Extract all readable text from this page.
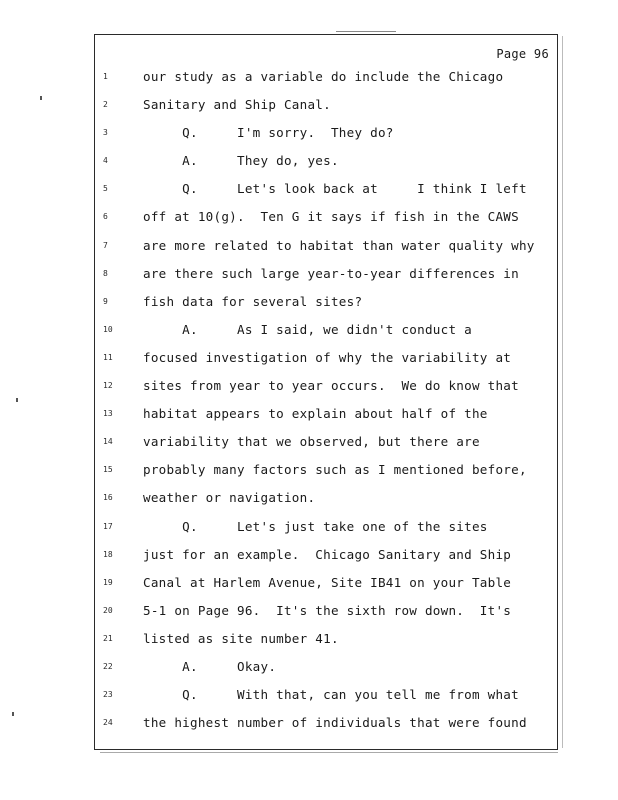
Page 96
1	our study as a variable do include the Chicago
2	Sanitary and Ship Canal.
3	Q.     I'm sorry.  They do?
4	A.     They do, yes.
5	Q.     Let's look back at     I think I left
6	off at 10(g).  Ten G it says if fish in the CAWS
7	are more related to habitat than water quality why
8	are there such large year-to-year differences in
9	fish data for several sites?
10	A.     As I said, we didn't conduct a
11	focused investigation of why the variability at
12	sites from year to year occurs.  We do know that
13	habitat appears to explain about half of the
14	variability that we observed, but there are
15	probably many factors such as I mentioned before,
16	weather or navigation.
17	Q.     Let's just take one of the sites
18	just for an example.  Chicago Sanitary and Ship
19	Canal at Harlem Avenue, Site IB41 on your Table
20	5-1 on Page 96.  It's the sixth row down.  It's
21	listed as site number 41.
22	A.     Okay.
23	Q.     With that, can you tell me from what
24	the highest number of individuals that were found
